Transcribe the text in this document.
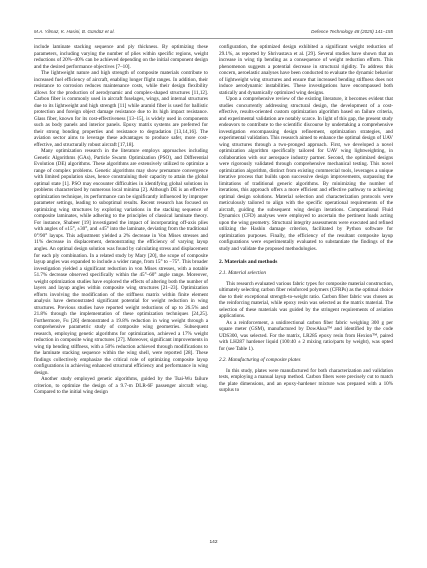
M.A. Yilmaz, K. Hasini, B. Gündüz et al.	Defence Technology 48 (2025) 141–155

include laminate stacking sequence and ply thickness. By optimizing these parameters, including varying the number of plies within specific regions, weight reductions of 20%–40% can be achieved depending on the initial component design and the desired performance objectives [7–10].

The lightweight nature and high strength of composite materials contribute to increased fuel efficiency of aircraft, enabling longer flight ranges. In addition, their resistance to corrosion reduces maintenance costs, while their design flexibility allows for the production of aerodynamic and complex-shaped structures [11,12]. Carbon fiber is commonly used in aircraft fuselages, wings, and internal structures due to its lightweight and high strength [11] while aramid fiber is used for ballistic protection and foreign object damage resistance due to its high impact resistance. Glass fiber, known for its cost-effectiveness [13–15], is widely used in components such as body panels and interior panels. Epoxy matrix systems are preferred for their strong bonding properties and resistance to degradation [13,14,16]. The aviation sector aims to leverage these advantages to produce safer, more cost-effective, and structurally robust aircraft [17,18].

Many optimization research in the literature employs approaches including Genetic Algorithms (GAs), Particle Swarm Optimization (PSO), and Differential Evolution (DE) algorithms. These algorithms are extensively utilized to optimize a range of complex problems. Genetic algorithms may show premature convergence with limited population sizes, hence constraining their capacity to attain the global optimal state [1]. PSO may encounter difficulties in identifying global solutions in problems characterized by numerous local minima [2]. Although DE is an effective optimization technique, its performance can be significantly influenced by improper parameter settings, leading to suboptimal results. Recent research has focused on optimizing wing structures by exploring variations in the stacking sequence of composite laminates, while adhering to the principles of classical laminate theory. For instance, Shabeer [19] investigated the impact of incorporating off-axis plies with angles of ±15°, ±30°, and ±45° into the laminate, deviating from the traditional 0°/90° layups. This adjustment yielded a 2% decrease in Von Mises stresses and 11% decrease in displacement, demonstrating the efficiency of varying layup angles. An optimal design solution was found by calculating stress and displacement for each ply combination. In a related study by Mary [20], the scope of composite layup angles was expanded to include a wider range, from 15° to −75°. This broader investigation yielded a significant reduction in von Mises stresses, with a notable 51.7% decrease observed specifically within the 45°–60° angle range. Moreover, weight optimization studies have explored the effects of altering both the number of layers and layup angles within composite wing structures [21–23]. Optimization efforts involving the modification of the stiffness matrix within finite element analysis have demonstrated significant potential for weight reduction in wing structures. Previous studies have reported weight reductions of up to 26.5% and 21.8% through the implementation of these optimization techniques [24,25]. Furthermore, Fu [26] demonstrated a 19.8% reduction in wing weight through a comprehensive parametric study of composite wing geometries. Subsequent research, employing genetic algorithms for optimization, achieved a 17% weight reduction in composite wing structures [27]. Moreover, significant improvements in wing tip bending stiffness, with a 50% reduction achieved through modifications to the laminate stacking sequence within the wing shell, were reported [28]. These findings collectively emphasize the critical role of optimizing composite layup configurations in achieving enhanced structural efficiency and performance in wing design.

Another study employed genetic algorithms, guided by the Tsai-Wu failure criterion, to optimize the design of a 9.7-m DLR-6F passenger aircraft wing. Compared to the initial wing design

configuration, the optimized design exhibited a significant weight reduction of 29.1%, as reported by Shrivastava et al. [29]. Several studies have shown that an increase in wing tip bending as a consequence of weight reduction efforts. This phenomenon suggests a potential decrease in structural rigidity. To address this concern, aeroelastic analyses have been conducted to evaluate the dynamic behavior of lightweight wing structures and ensure that increased bending stiffness does not induce aerodynamic instabilities. These investigations have encompassed both statically and dynamically optimized wing designs.

Upon a comprehensive review of the existing literature, it becomes evident that studies concurrently addressing structural design, the development of a cost-effective, results-oriented custom optimization algorithm based on failure criteria, and experimental validation are notably scarce. In light of this gap, the present study endeavors to contribute to the scientific discourse by undertaking a comprehensive investigation encompassing design refinement, optimization strategies, and experimental validation. This research aimed to enhance the optimal design of UAV wing structures through a two-pronged approach. First, we developed a novel optimization algorithm specifically tailored for UAV wing lightweighting, in collaboration with our aerospace industry partner. Second, the optimized designs were rigorously validated through comprehensive mechanical testing. This novel optimization algorithm, distinct from existing commercial tools, leverages a unique iterative process that builds upon successive design improvements, surpassing the limitations of traditional generic algorithms. By minimizing the number of iterations, this approach offers a more efficient and effective pathway to achieving optimal design solutions. Material selection and characterization protocols were meticulously tailored to align with the specific operational requirements of the aircraft, guiding the subsequent wing design iterations. Computational Fluid Dynamics (CFD) analyses were employed to ascertain the pertinent loads acting upon the wing geometry. Structural integrity assessments were executed and refined utilizing the Hashin damage criterion, facilitated by Python software for optimization purposes. Finally, the efficiency of the resultant composite layup configurations were experimentally evaluated to substantiate the findings of the study and validate the proposed methodologies.

2. Materials and methods
2.1. Material selection

This research evaluated various fabric types for composite material construction, ultimately selecting carbon fiber reinforced polymers (CFRPs) as the optimal choice due to their exceptional strength-to-weight ratio. Carbon fiber fabric was chosen as the reinforcing material, while epoxy resin was selected as the matrix material. The selection of these materials was guided by the stringent requirements of aviation applications.

As a reinforcement, a unidirectional carbon fiber fabric weighing 300 g per square meter (GSM), manufactured by DowAksa™ and identified by the code UDS300, was selected. For the matrix, LR285 epoxy resin from Hexion™, paired with LH287 hardener liquid (100:40 ± 2 mixing ratio/parts by weight), was opted for (see Table 1).

2.2. Manufacturing of composite plates

In this study, plates were manufactured for both characterization and validation tests, employing a manual layup method. Carbon fibers were precisely cut to match the plate dimensions, and an epoxy-hardener mixture was prepared with a 10% surplus to

142
